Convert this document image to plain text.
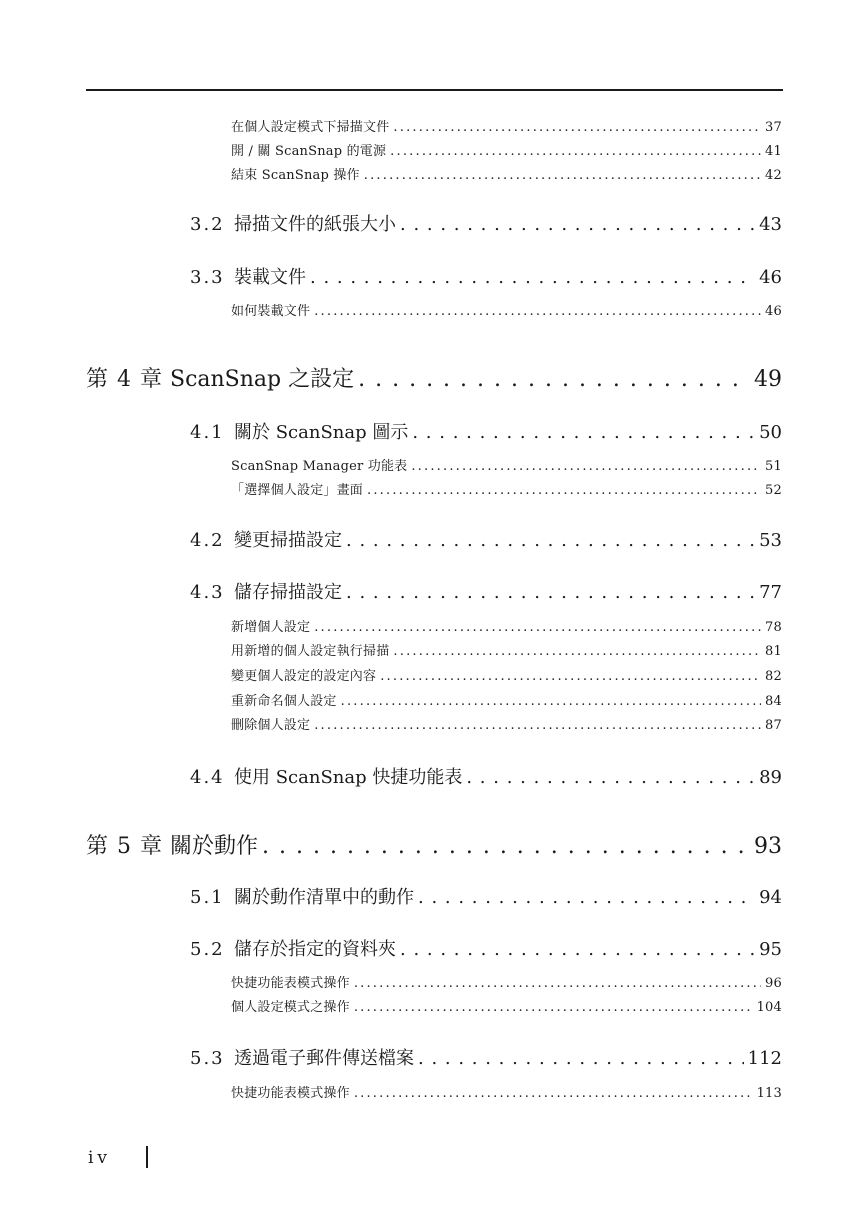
在個人設定模式下掃描文件 .....	37
開 / 關 ScanSnap 的電源 .....	41
結束 ScanSnap 操作 .....	42
3.2 掃描文件的紙張大小 . . .	43
3.3 裝載文件 . . .	46
如何裝載文件 .....	46
第 4 章 ScanSnap 之設定 . . .	49
4.1 關於 ScanSnap 圖示 . . .	50
ScanSnap Manager 功能表 .....	51
「選擇個人設定」畫面 .....	52
4.2 變更掃描設定 . . .	53
4.3 儲存掃描設定 . . .	77
新增個人設定 .....	78
用新增的個人設定執行掃描 .....	81
變更個人設定的設定內容 .....	82
重新命名個人設定 .....	84
刪除個人設定 .....	87
4.4 使用 ScanSnap 快捷功能表 . . .	89
第 5 章 關於動作 . . .	93
5.1 關於動作清單中的動作 . . .	94
5.2 儲存於指定的資料夾 . . .	95
快捷功能表模式操作 .....	96
個人設定模式之操作 .....	104
5.3 透過電子郵件傳送檔案 . . .	112
快捷功能表模式操作 .....	113
iv
